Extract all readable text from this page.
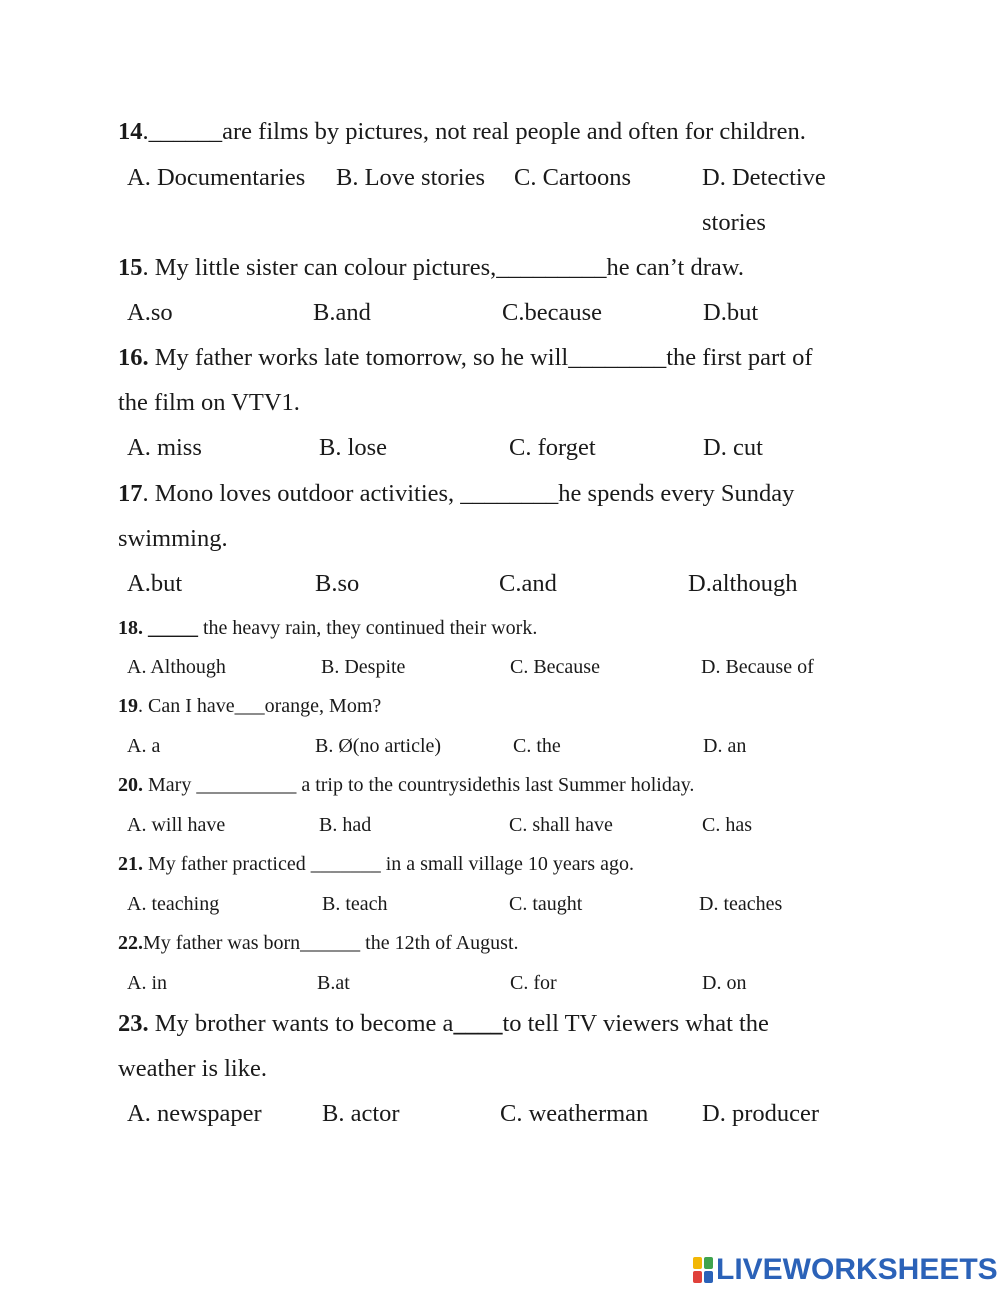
14.______are films by pictures, not real people and often for children.
A. Documentaries B. Love stories C. Cartoons	D. Detective
stories
15. My little sister can colour pictures,_________he can’t draw.
A.so	B.and	C.because	D.but
16. My father works late tomorrow, so he will________the first part of
the film on VTV1.
A. miss	B. lose	C. forget	D. cut
17. Mono loves outdoor activities, ________he spends every Sunday
swimming.
A.but	B.so	C.and	D.although
18. _____ the heavy rain, they continued their work.
A. Although	B. Despite	C. Because	D. Because of
19. Can I have___orange, Mom?
A. a	B. Ø(no article)	C. the	D. an
20. Mary __________ a trip to the countrysidethis last Summer holiday.
A. will have	B. had	C. shall have	C. has
21. My father practiced _______ in a small village 10 years ago.
A. teaching	B. teach	C. taught	D. teaches
22.My father was born______ the 12th of August.
A. in	B.at	C. for	D. on
23. My brother wants to become a____to tell TV viewers what the
weather is like.
A. newspaper B. actor	C. weatherman D. producer
LIVEWORKSHEETS
